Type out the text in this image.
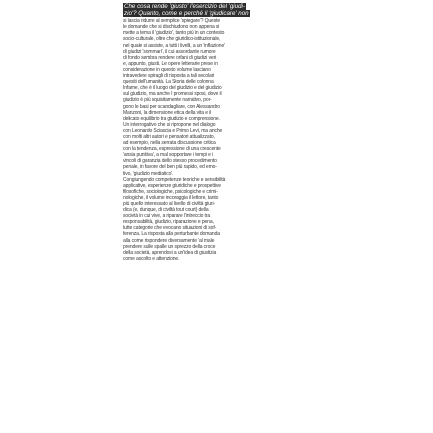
Che cosa rende 'giusto' l'esercizio del 'giudi-
zio'? Quanto, come e perché il 'giudicare' non
si lascia ridurre al semplice 'spiegare'? Queste
le domande che si dischiudono non appena si
mette a tema il 'giudizio', tanto più in un contesto
socio-culturale, oltre che giuridico-istituzionale,
nel quale si assiste, a tutti i livelli, a un 'inflazione'
di giudizi 'sommari', il cui assordante rumore
di fondo sembra rendere orfani di giudizi veri
e, appunto, giusti. Le opere letterarie prese in
considerazione in questo volume lasciano
intravedere spiragli di risposta a tali secolari
quesiti dell'umanità. La Storia delle colonna
Infame, che è il luogo del giudizio e del giudizio
sul giudizio, ma anche I promessi sposi, dove il
giudizio è più squisitamente narrativo, por-
gono le basi per scandagliare, con Alessandro
Manzoni, la dimensione etica della vita e il
delicato equilibrio tra giudizio e comprensione.
Un interrogativo che si ripropone nel dialogo
con Leonardo Sciascia e Primo Levi, ma anche
con molti altri autori e pensatori attualizzato,
ad esempio, nella serrata discussione critica
con la tendenza, espressione di una crescente
'ansia punitiva', a mal sopportare i tempi e i
vincoli di garanzia dello stesso procedimento
penale, in favore del ben più rapido, ed emo-
tivo, 'giudizio mediatico'.
Congiungendo competenze teoriche e sensibilità
applicative, esperienze giuridiche e prospettive
filosofiche, sociologiche, psicologiche e crimi-
nologiche, il volume incoraggia il lettore, tanto
più quello interessato al livello di civiltà giuri-
dica (e, dunque, di civiltà tout court) della
società in cui vive, a riparare l'intreccio tra
responsabilità, giudizio, riparazione e pena,
tutte categorie che evocano situazioni di sof-
ferenza. La risposta alla perturbante domanda
alla come rispondere diversamente 'al male
prendere sulle spalle un sprezzo della croce
della società, aprendosi a un'idea di giustizia
come ascolto e attenzione.
